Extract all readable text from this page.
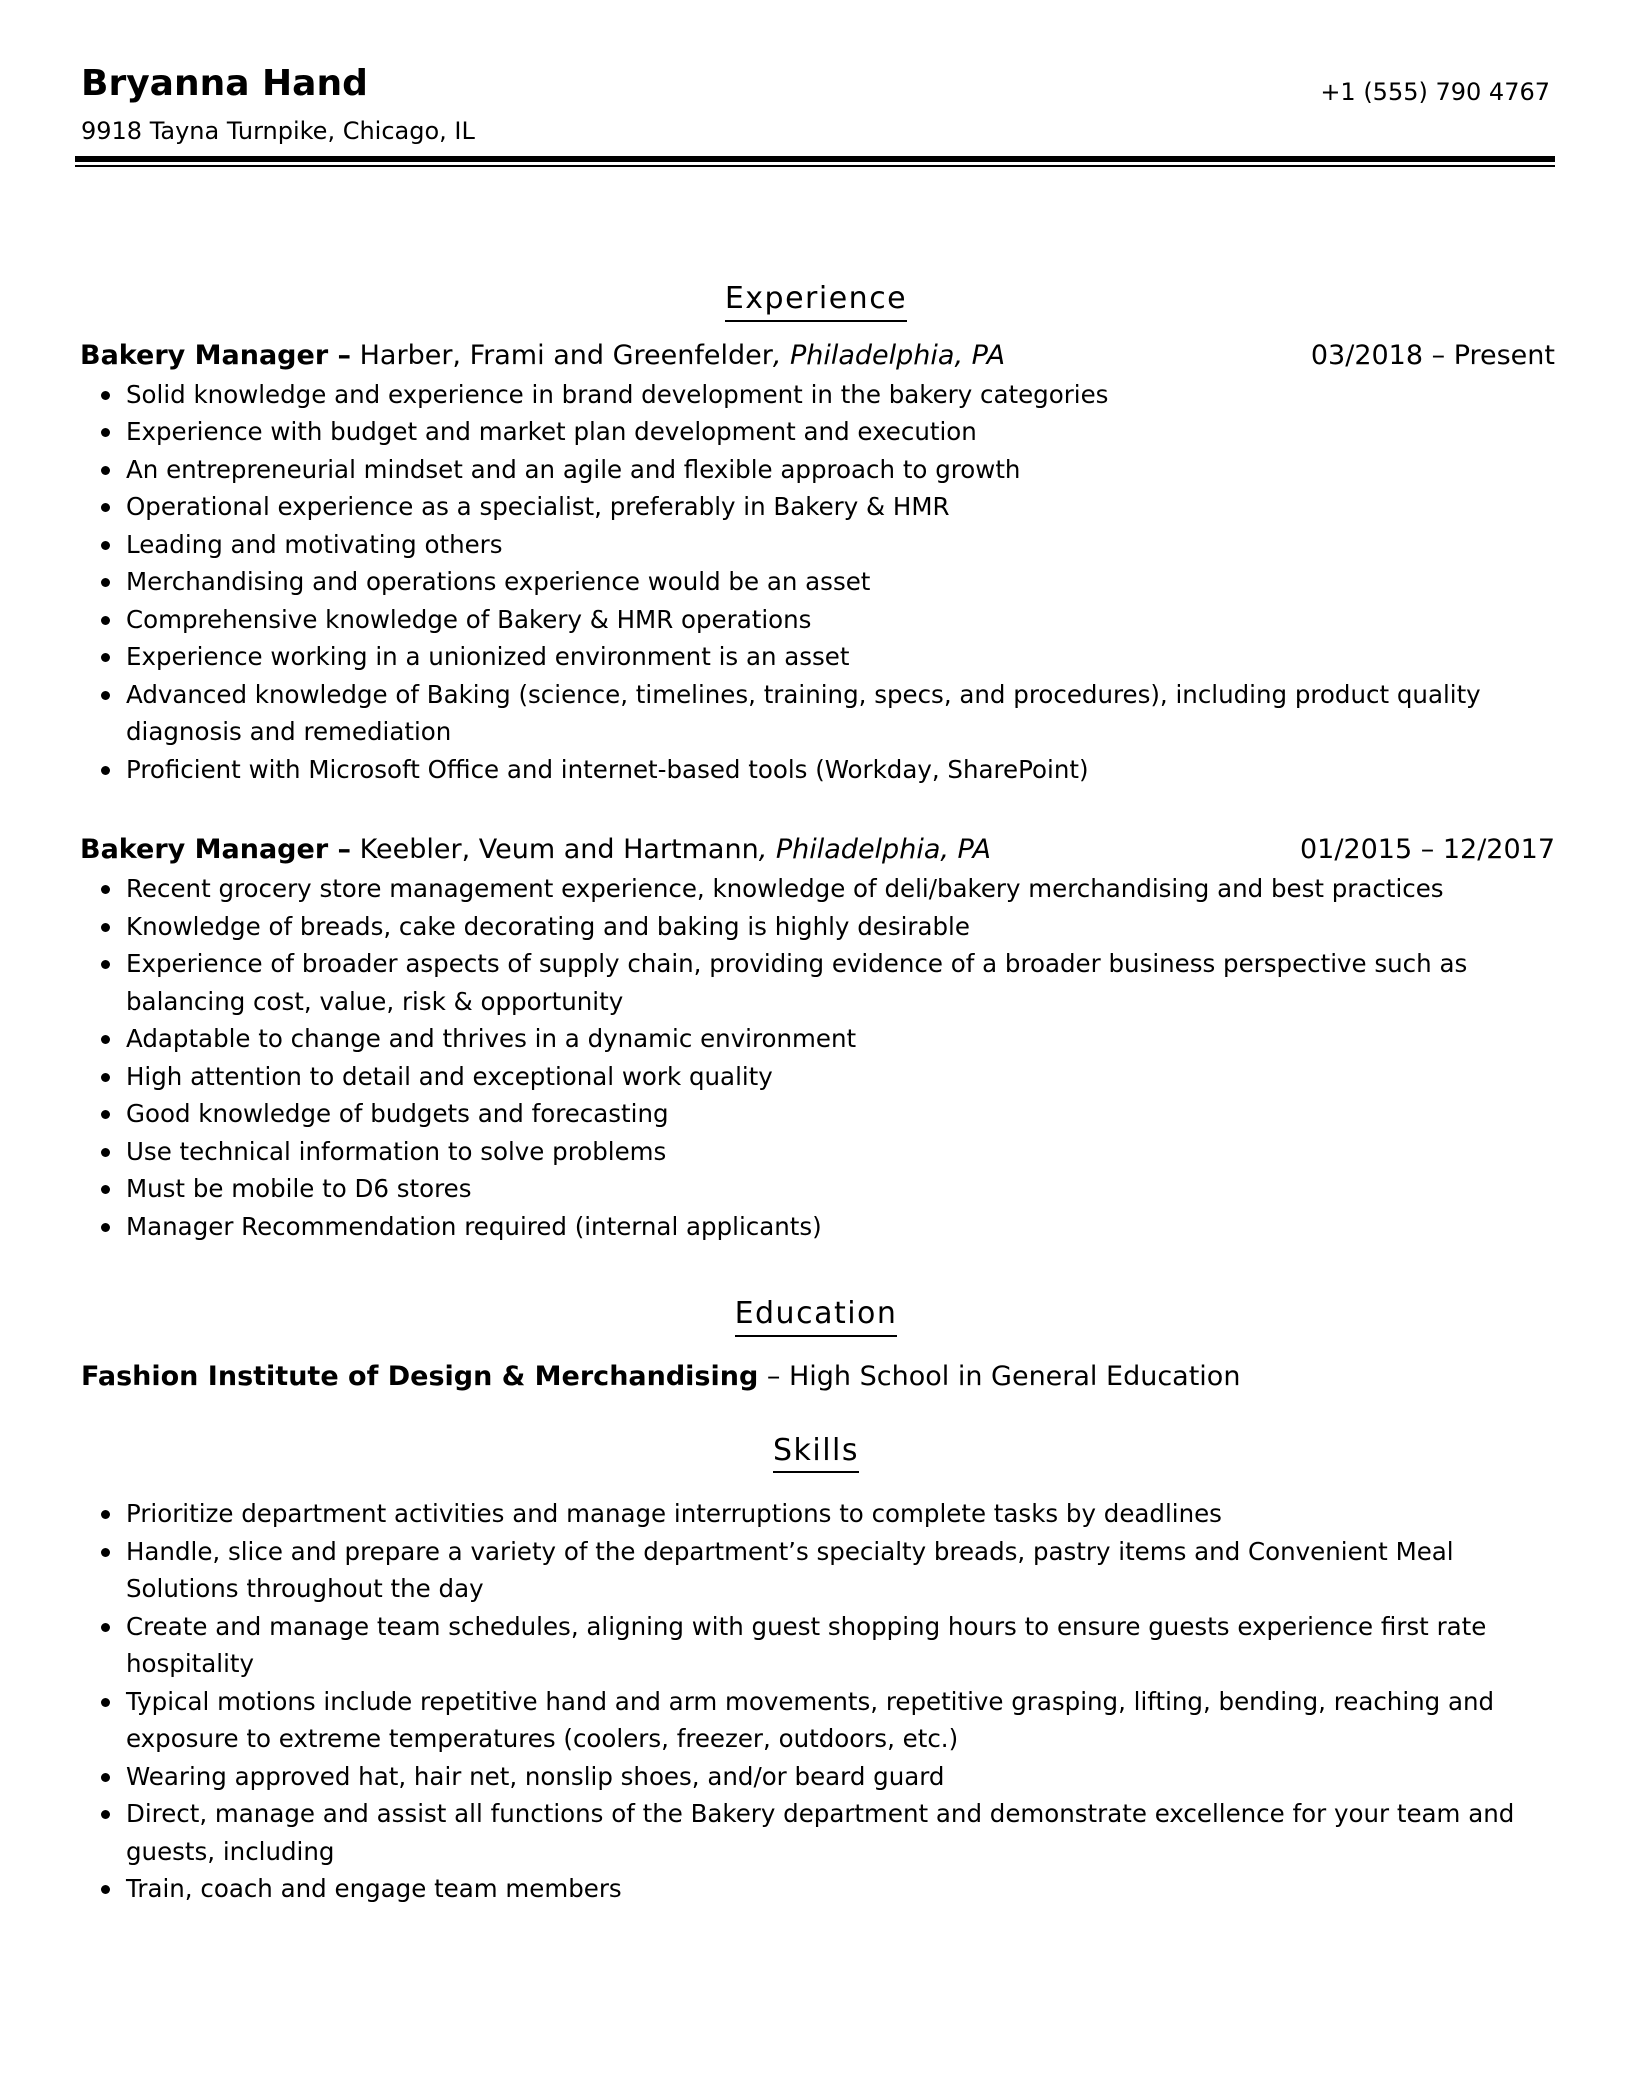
Bryanna Hand
9918 Tayna Turnpike, Chicago, IL
+1 (555) 790 4767
Experience
Bakery Manager – Harber, Frami and Greenfelder, Philadelphia, PA	03/2018 – Present
Solid knowledge and experience in brand development in the bakery categories
Experience with budget and market plan development and execution
An entrepreneurial mindset and an agile and flexible approach to growth
Operational experience as a specialist, preferably in Bakery & HMR
Leading and motivating others
Merchandising and operations experience would be an asset
Comprehensive knowledge of Bakery & HMR operations
Experience working in a unionized environment is an asset
Advanced knowledge of Baking (science, timelines, training, specs, and procedures), including product quality diagnosis and remediation
Proficient with Microsoft Office and internet-based tools (Workday, SharePoint)
Bakery Manager – Keebler, Veum and Hartmann, Philadelphia, PA	01/2015 – 12/2017
Recent grocery store management experience, knowledge of deli/bakery merchandising and best practices
Knowledge of breads, cake decorating and baking is highly desirable
Experience of broader aspects of supply chain, providing evidence of a broader business perspective such as balancing cost, value, risk & opportunity
Adaptable to change and thrives in a dynamic environment
High attention to detail and exceptional work quality
Good knowledge of budgets and forecasting
Use technical information to solve problems
Must be mobile to D6 stores
Manager Recommendation required (internal applicants)
Education
Fashion Institute of Design & Merchandising – High School in General Education
Skills
Prioritize department activities and manage interruptions to complete tasks by deadlines
Handle, slice and prepare a variety of the department’s specialty breads, pastry items and Convenient Meal Solutions throughout the day
Create and manage team schedules, aligning with guest shopping hours to ensure guests experience first rate hospitality
Typical motions include repetitive hand and arm movements, repetitive grasping, lifting, bending, reaching and exposure to extreme temperatures (coolers, freezer, outdoors, etc.)
Wearing approved hat, hair net, nonslip shoes, and/or beard guard
Direct, manage and assist all functions of the Bakery department and demonstrate excellence for your team and guests, including
Train, coach and engage team members
